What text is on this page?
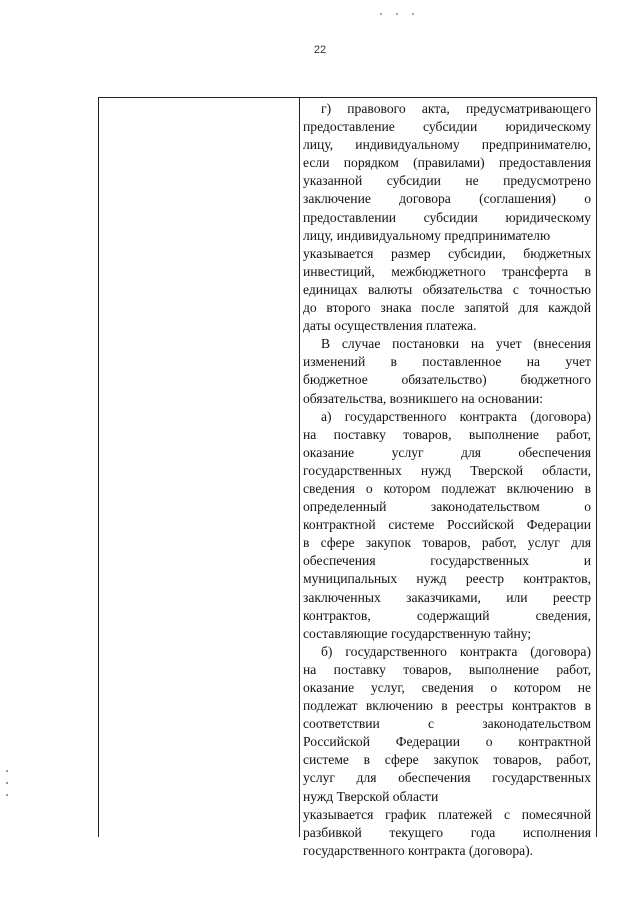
22
г) правового акта, предусматривающего
предоставление субсидии юридическому
лицу, индивидуальному предпринимателю,
если порядком (правилами) предоставления
указанной субсидии не предусмотрено
заключение договора (соглашения) о
предоставлении субсидии юридическому
лицу, индивидуальному предпринимателю
указывается размер субсидии, бюджетных
инвестиций, межбюджетного трансферта в
единицах валюты обязательства с точностью
до второго знака после запятой для каждой
даты осуществления платежа.
В случае постановки на учет (внесения
изменений в поставленное на учет
бюджетное обязательство) бюджетного
обязательства, возникшего на основании:
а) государственного контракта (договора)
на поставку товаров, выполнение работ,
оказание услуг для обеспечения
государственных нужд Тверской области,
сведения о котором подлежат включению в
определенный законодательством о
контрактной системе Российской Федерации
в сфере закупок товаров, работ, услуг для
обеспечения государственных и
муниципальных нужд реестр контрактов,
заключенных заказчиками, или реестр
контрактов, содержащий сведения,
составляющие государственную тайну;
б) государственного контракта (договора)
на поставку товаров, выполнение работ,
оказание услуг, сведения о котором не
подлежат включению в реестры контрактов в
соответствии с законодательством
Российской Федерации о контрактной
системе в сфере закупок товаров, работ,
услуг для обеспечения государственных
нужд Тверской области
указывается график платежей с помесячной
разбивкой текущего года исполнения
государственного контракта (договора).
